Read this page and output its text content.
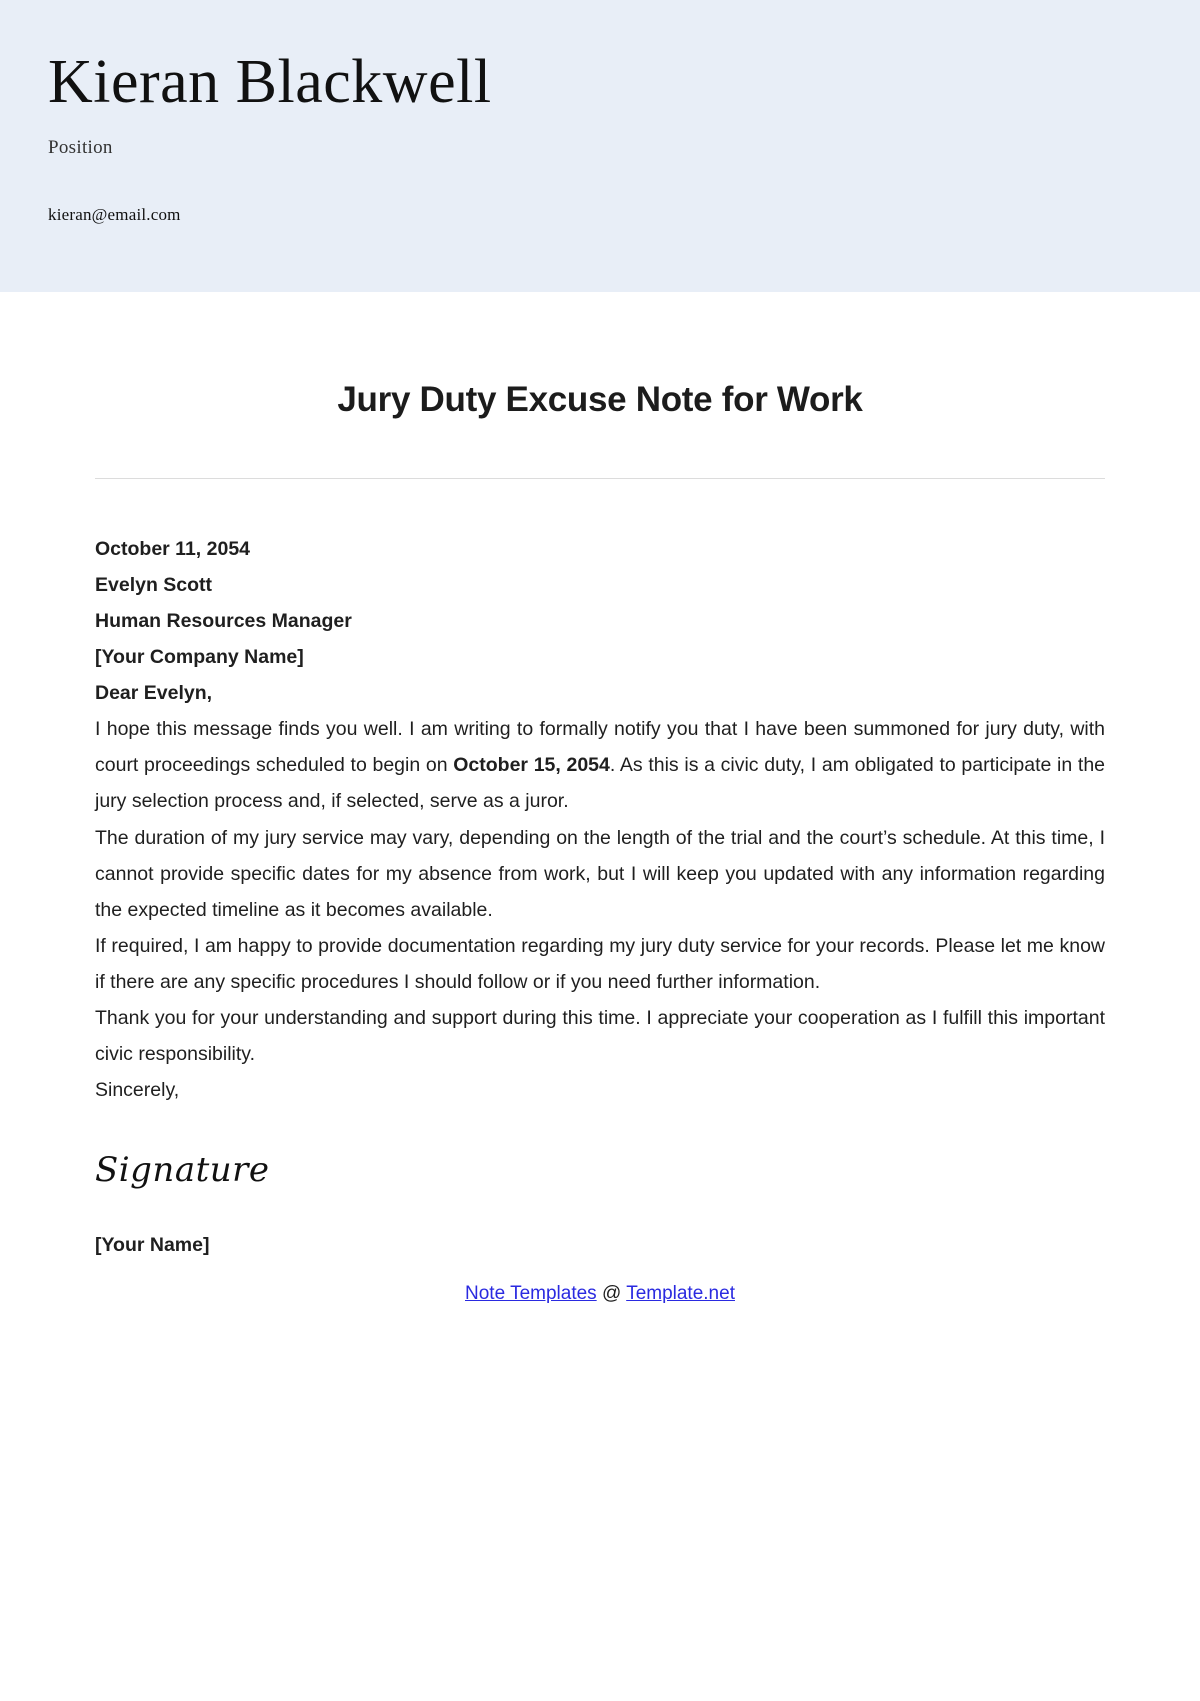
Kieran Blackwell
Position
kieran@email.com
Jury Duty Excuse Note for Work

October 11, 2054

Evelyn Scott

Human Resources Manager

[Your Company Name]

Dear Evelyn,

I hope this message finds you well. I am writing to formally notify you that I have been summoned for jury duty, with court proceedings scheduled to begin on October 15, 2054. As this is a civic duty, I am obligated to participate in the jury selection process and, if selected, serve as a juror.

The duration of my jury service may vary, depending on the length of the trial and the court’s schedule. At this time, I cannot provide specific dates for my absence from work, but I will keep you updated with any information regarding the expected timeline as it becomes available.

If required, I am happy to provide documentation regarding my jury duty service for your records. Please let me know if there are any specific procedures I should follow or if you need further information.

Thank you for your understanding and support during this time. I appreciate your cooperation as I fulfill this important civic responsibility.

Sincerely,

Signature
[Your Name]
Note Templates @ Template.net
